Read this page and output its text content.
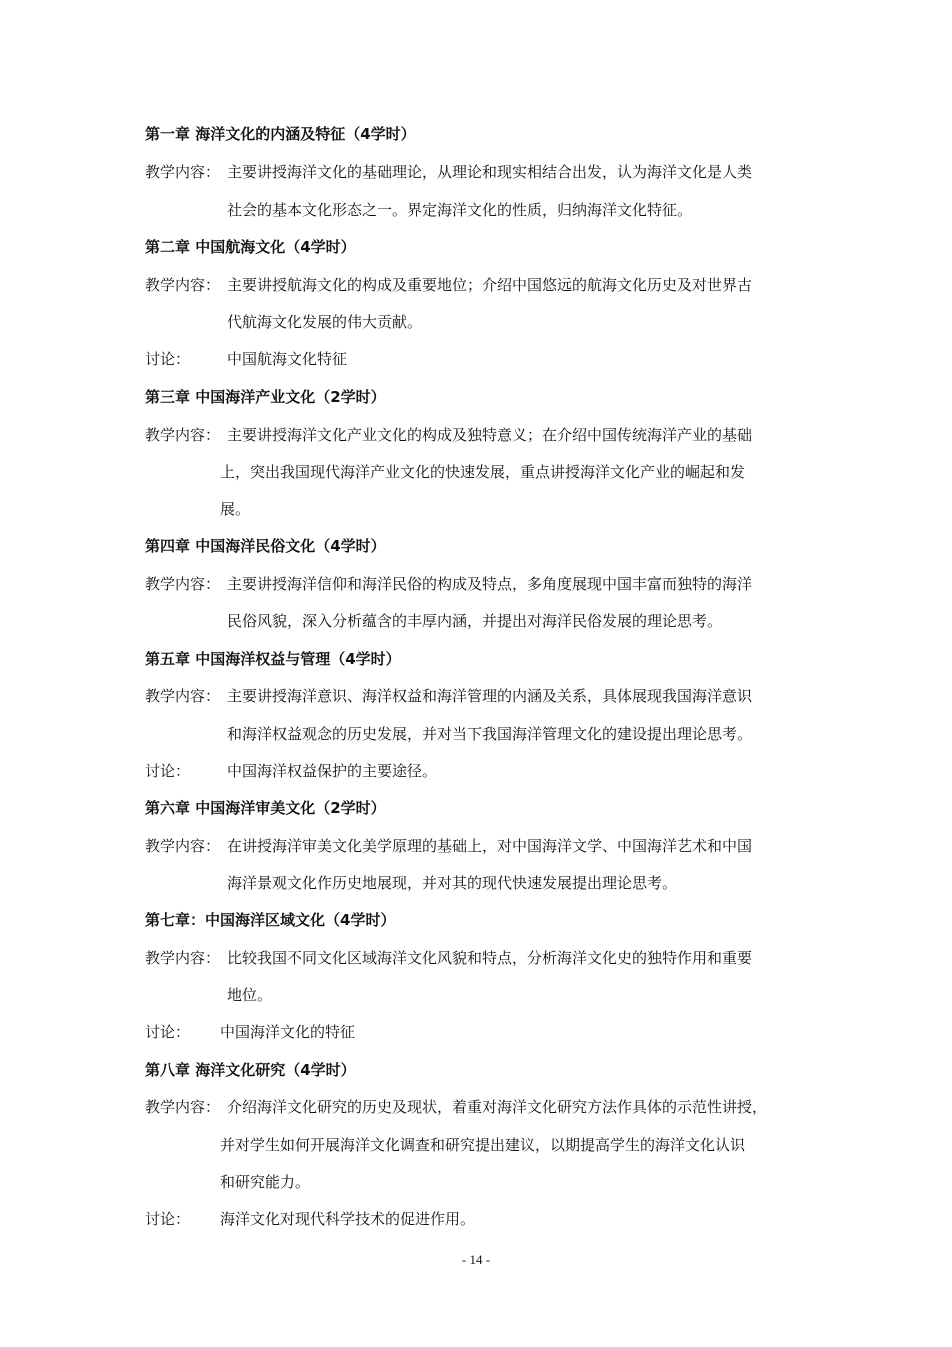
第一章 海洋文化的内涵及特征（4学时）
教学内容： 主要讲授海洋文化的基础理论，从理论和现实相结合出发，认为海洋文化是人类
社会的基本文化形态之一。界定海洋文化的性质，归纳海洋文化特征。
第二章 中国航海文化（4学时）
教学内容： 主要讲授航海文化的构成及重要地位；介绍中国悠远的航海文化历史及对世界古
代航海文化发展的伟大贡献。
讨论： 中国航海文化特征
第三章 中国海洋产业文化（2学时）
教学内容： 主要讲授海洋文化产业文化的构成及独特意义；在介绍中国传统海洋产业的基础
上，突出我国现代海洋产业文化的快速发展，重点讲授海洋文化产业的崛起和发
展。
第四章 中国海洋民俗文化（4学时）
教学内容： 主要讲授海洋信仰和海洋民俗的构成及特点，多角度展现中国丰富而独特的海洋
民俗风貌，深入分析蕴含的丰厚内涵，并提出对海洋民俗发展的理论思考。
第五章 中国海洋权益与管理（4学时）
教学内容： 主要讲授海洋意识、海洋权益和海洋管理的内涵及关系，具体展现我国海洋意识
和海洋权益观念的历史发展，并对当下我国海洋管理文化的建设提出理论思考。
讨论： 中国海洋权益保护的主要途径。
第六章 中国海洋审美文化（2学时）
教学内容： 在讲授海洋审美文化美学原理的基础上，对中国海洋文学、中国海洋艺术和中国
海洋景观文化作历史地展现，并对其的现代快速发展提出理论思考。
第七章：中国海洋区域文化（4学时）
教学内容： 比较我国不同文化区域海洋文化风貌和特点，分析海洋文化史的独特作用和重要
地位。
讨论： 中国海洋文化的特征
第八章 海洋文化研究（4学时）
教学内容： 介绍海洋文化研究的历史及现状，着重对海洋文化研究方法作具体的示范性讲授，
并对学生如何开展海洋文化调查和研究提出建议，以期提高学生的海洋文化认识
和研究能力。
讨论： 海洋文化对现代科学技术的促进作用。
- 14 -
